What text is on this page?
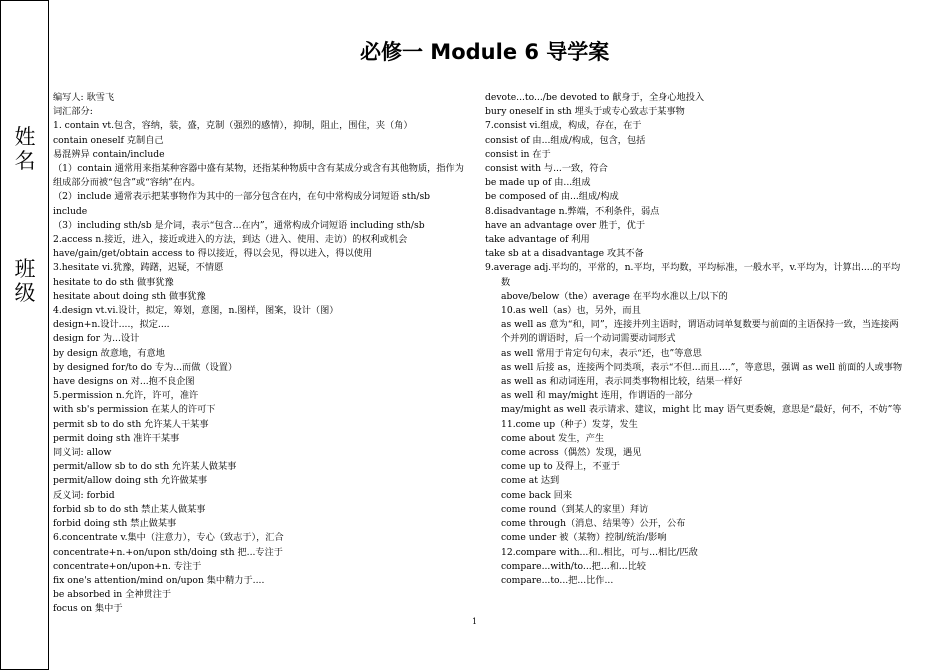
姓名
班级
必修一 Module 6 导学案
编写人: 耿雪飞
词汇部分:
1. contain vt.包含，容纳，装，盛，克制（强烈的感情），抑制，阻止，围住，夹（角）
contain oneself 克制自己
易混辨异 contain/include
（1）contain 通常用来指某种容器中盛有某物，还指某种物质中含有某成分或含有其他物质，指作为组成部分而被“包含”或“容纳”在内。
（2）include 通常表示把某事物作为其中的一部分包含在内，在句中常构成分词短语 sth/sb include
（3）including sth/sb 是介词，表示“包含...在内”，通常构成介词短语 including sth/sb
2.access n.接近，进入，接近或进入的方法，到达（进入、使用、走访）的权利或机会
have/gain/get/obtain access to 得以接近，得以会见，得以进入，得以使用
3.hesitate vi.犹豫，踌躇，迟疑，不情愿
hesitate to do sth 做事犹豫
hesitate about doing sth 做事犹豫
4.design vt.vi.设计，拟定，筹划，意图，n.图样，图案，设计（图）
design+n.设计....，拟定....
design for 为...设计
by design 故意地，有意地
by designed for/to do 专为...而做（设置）
have designs on 对...抱不良企图
5.permission n.允许，许可，准许
with sb's permission 在某人的许可下
permit sb to do sth 允许某人干某事
permit doing sth 准许干某事
同义词: allow
permit/allow sb to do sth 允许某人做某事
permit/allow doing sth 允许做某事
反义词: forbid
forbid sb to do sth 禁止某人做某事
forbid doing sth 禁止做某事
6.concentrate v.集中（注意力），专心（致志于），汇合
concentrate+n.+on/upon sth/doing sth 把...专注于
concentrate+on/upon+n. 专注于
fix one's attention/mind on/upon 集中精力于....
be absorbed in 全神贯注于
focus on 集中于
devote...to.../be devoted to 献身于，全身心地投入
bury oneself in sth 埋头于或专心致志于某事物
7.consist vi.组成，构成，存在，在于
consist of 由...组成/构成，包含，包括
consist in 在于
consist with 与...一致，符合
be made up of 由...组成
be composed of 由...组成/构成
8.disadvantage n.弊端，不利条件，弱点
have an advantage over 胜于，优于
take advantage of 利用
take sb at a disadvantage 攻其不备
9.average adj.平均的，平常的，n.平均，平均数，平均标准，一般水平，v.平均为，计算出....的平均数
above/below（the）average 在平均水准以上/以下的
10.as well（as）也，另外，而且
as well as 意为“和，同”，连接并列主语时，谓语动词单复数要与前面的主语保持一致，当连接两个并列的谓语时，后一个动词需要动词形式
as well 常用于肯定句句末，表示“还，也”等意思
as well 后接 as，连接两个同类项，表示“不但...而且....”，等意思，强调 as well 前面的人或事物
as well as 和动词连用，表示同类事物相比较，结果一样好
as well 和 may/might 连用，作谓语的一部分
may/might as well 表示请求、建议，might 比 may 语气更委婉，意思是“最好，何不，不妨”等
11.come up（种子）发芽，发生
come about 发生，产生
come across（偶然）发现，遇见
come up to 及得上，不亚于
come at 达到
come back 回来
come round（到某人的家里）拜访
come through（消息、结果等）公开，公布
come under 被（某物）控制/统治/影响
12.compare with...和..相比，可与...相比/匹敌
compare...with/to...把...和...比较
compare...to...把...比作...
1
